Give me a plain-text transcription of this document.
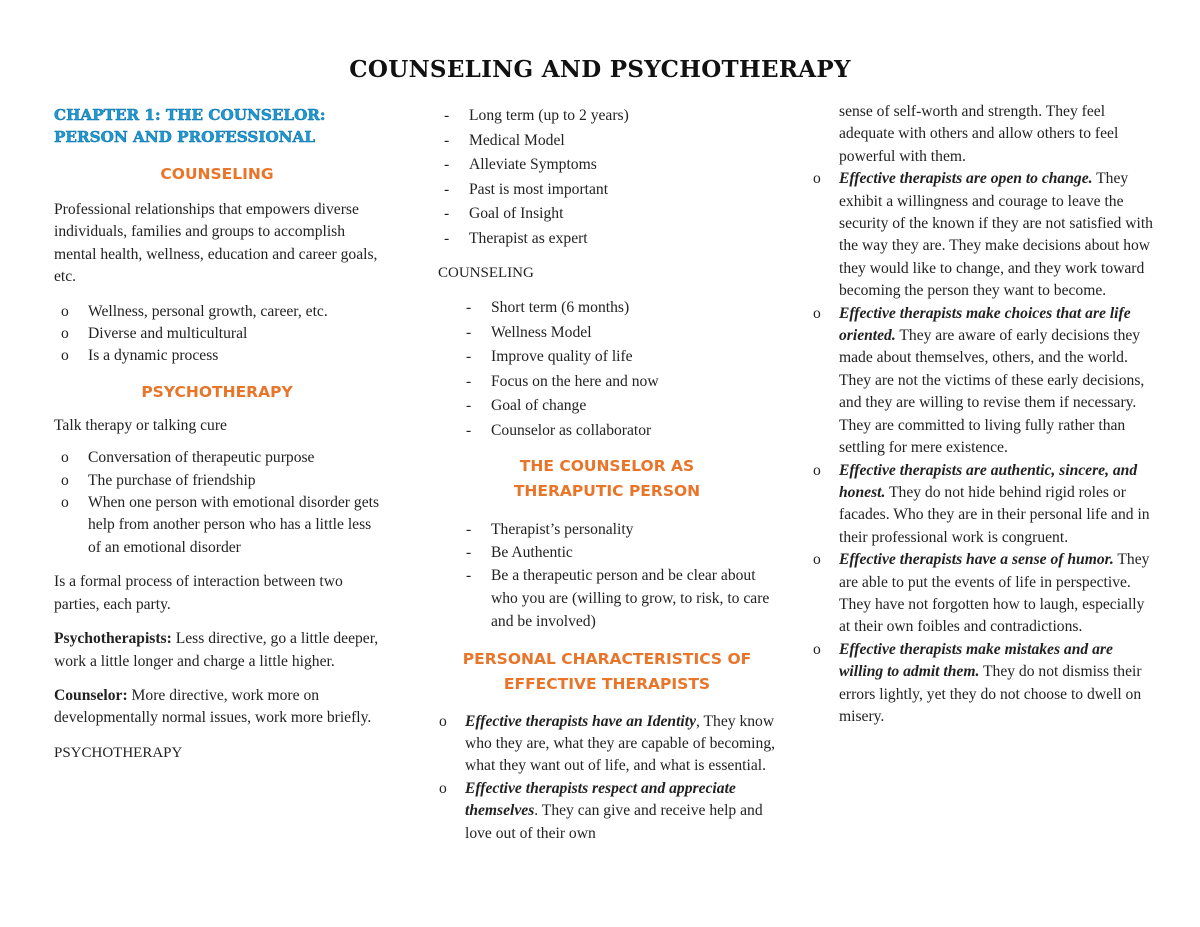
COUNSELING AND PSYCHOTHERAPY
CHAPTER 1: THE COUNSELOR: PERSON AND PROFESSIONAL
COUNSELING
Professional relationships that empowers diverse individuals, families and groups to accomplish mental health, wellness, education and career goals, etc.
o Wellness, personal growth, career, etc.
o Diverse and multicultural
o Is a dynamic process
PSYCHOTHERAPY
Talk therapy or talking cure
o Conversation of therapeutic purpose
o The purchase of friendship
o When one person with emotional disorder gets help from another person who has a little less of an emotional disorder
Is a formal process of interaction between two parties, each party.
Psychotherapists: Less directive, go a little deeper, work a little longer and charge a little higher.
Counselor: More directive, work more on developmentally normal issues, work more briefly.
PSYCHOTHERAPY
- Long term (up to 2 years)
- Medical Model
- Alleviate Symptoms
- Past is most important
- Goal of Insight
- Therapist as expert
COUNSELING
- Short term (6 months)
- Wellness Model
- Improve quality of life
- Focus on the here and now
- Goal of change
- Counselor as collaborator
THE COUNSELOR AS THERAPUTIC PERSON
- Therapist’s personality
- Be Authentic
- Be a therapeutic person and be clear about who you are (willing to grow, to risk, to care and be involved)
PERSONAL CHARACTERISTICS OF EFFECTIVE THERAPISTS
o Effective therapists have an Identity, They know who they are, what they are capable of becoming, what they want out of life, and what is essential.
o Effective therapists respect and appreciate themselves. They can give and receive help and love out of their own
sense of self-worth and strength. They feel adequate with others and allow others to feel powerful with them.
o Effective therapists are open to change. They exhibit a willingness and courage to leave the security of the known if they are not satisfied with the way they are. They make decisions about how they would like to change, and they work toward becoming the person they want to become.
o Effective therapists make choices that are life oriented. They are aware of early decisions they made about themselves, others, and the world. They are not the victims of these early decisions, and they are willing to revise them if necessary. They are committed to living fully rather than settling for mere existence.
o Effective therapists are authentic, sincere, and honest. They do not hide behind rigid roles or facades. Who they are in their personal life and in their professional work is congruent.
o Effective therapists have a sense of humor. They are able to put the events of life in perspective. They have not forgotten how to laugh, especially at their own foibles and contradictions.
o Effective therapists make mistakes and are willing to admit them. They do not dismiss their errors lightly, yet they do not choose to dwell on misery.
